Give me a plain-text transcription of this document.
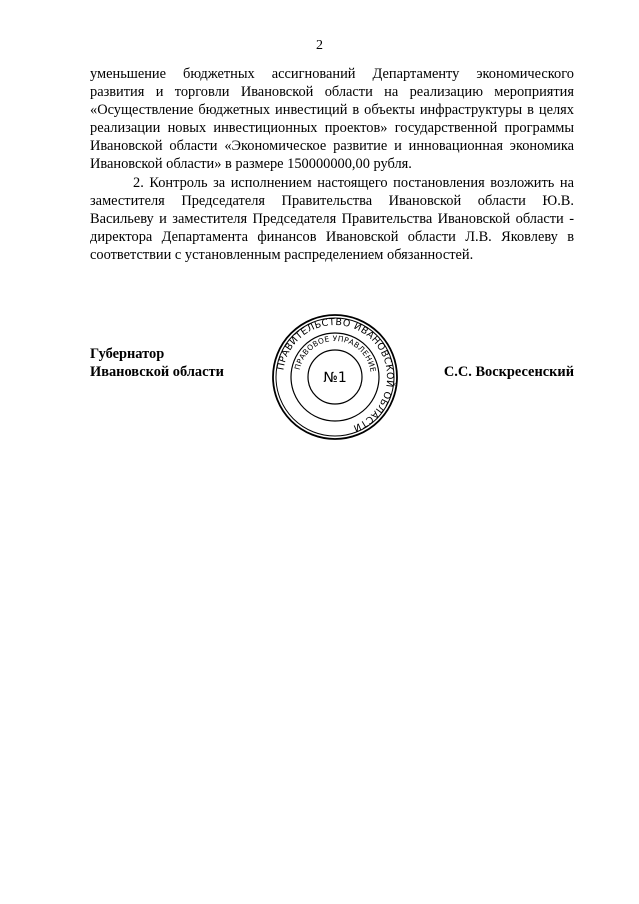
2

уменьшение бюджетных ассигнований Департаменту экономического развития и торговли Ивановской области на реализацию мероприятия «Осуществление бюджетных инвестиций в объекты инфраструктуры в целях реализации новых инвестиционных проектов» государственной программы Ивановской области «Экономическое развитие и инновационная экономика Ивановской области» в размере 150000000,00 рубля.

2. Контроль за исполнением настоящего постановления возложить на заместителя Председателя Правительства Ивановской области Ю.В. Васильеву и заместителя Председателя Правительства Ивановской области - директора Департамента финансов Ивановской области Л.В. Яковлеву в соответствии с установленным распределением обязанностей.

Губернатор
Ивановской области	С.С. Воскресенский
ПРАВИТЕЛЬСТВО ИВАНОВСКОЙ ОБЛАСТИ
ПРАВОВОЕ УПРАВЛЕНИЕ
№1
